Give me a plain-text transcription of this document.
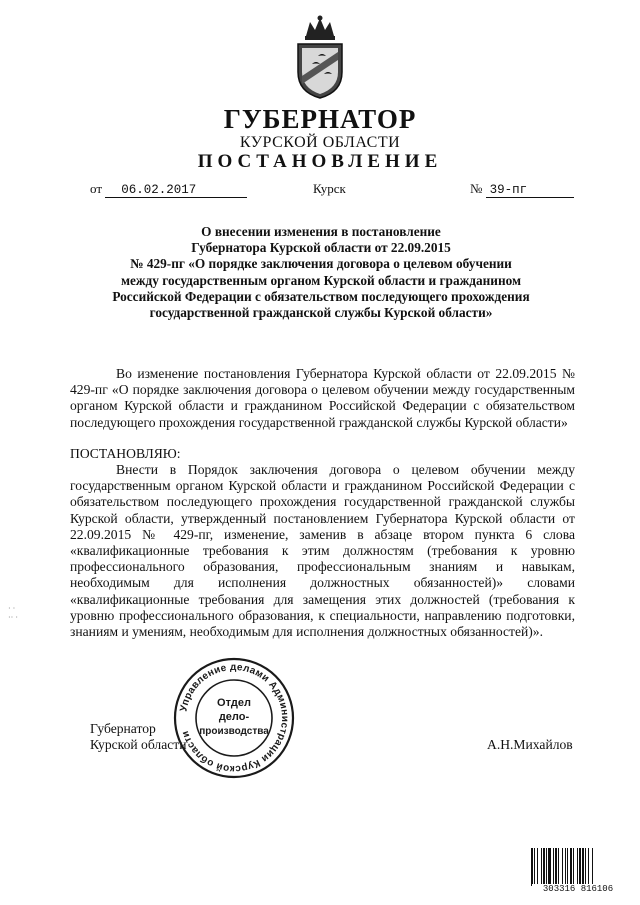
ГУБЕРНАТОР
КУРСКОЙ ОБЛАСТИ
ПОСТАНОВЛЕНИЕ
от 06.02.2017	Курск	№ 39-пг
О внесении изменения в постановление
Губернатора Курской области от 22.09.2015
№ 429-пг «О порядке заключения договора о целевом обучении
между государственным органом Курской области и гражданином
Российской Федерации с обязательством последующего прохождения
государственной гражданской службы Курской области»
Во изменение постановления Губернатора Курской области от 22.09.2015 № 429-пг «О порядке заключения договора о целевом обучении между государственным органом Курской области и гражданином Российской Федерации с обязательством последующего прохождения государственной гражданской службы Курской области»
ПОСТАНОВЛЯЮ:
Внести в Порядок заключения договора о целевом обучении между государственным органом Курской области и гражданином Российской Федерации с обязательством последующего прохождения государственной гражданской службы Курской области, утвержденный постановлением Губернатора Курской области от 22.09.2015 № 429-пг, изменение, заменив в абзаце втором пункта 6 слова «квалификационные требования к этим должностям (требования к уровню профессионального образования, профессиональным знаниям и навыкам, необходимым для исполнения должностных обязанностей)» словами «квалификационные требования для замещения этих должностей (требования к уровню профессионального образования, к специальности, направлению подготовки, знаниям и умениям, необходимым для исполнения должностных обязанностей)».
Губернатор
Курской области	А.Н.Михайлов
Управление делами Администрации Курской области
Отдел
дело-
производства
· ·
·· ·
303316 816106
